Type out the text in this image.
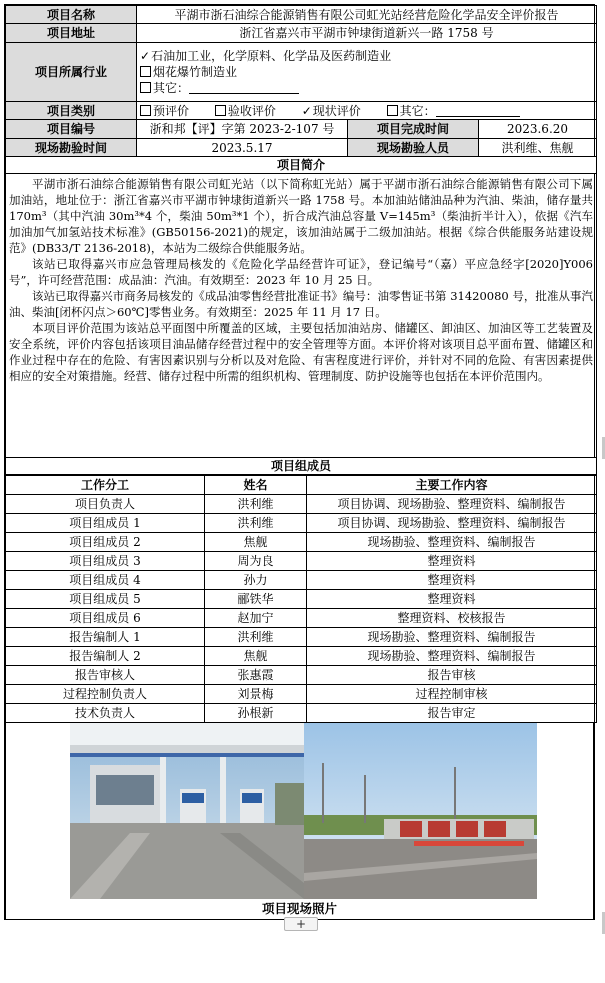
项目名称	平湖市浙石油综合能源销售有限公司虹光站经营危险化学品安全评价报告		
项目地址	浙江省嘉兴市平湖市钟埭街道新兴一路 1758 号		
项目所属行业	✓石油加工业，化学原料、化学品及医药制造业
烟花爆竹制造业
其它：		

项目类别	预评价 验收评价 ✓现状评价 其它：		
项目编号	浙和邦【评】字第 2023-2-107 号	项目完成时间	2023.6.20
现场勘验时间	2023.5.17	现场勘验人员	洪利维、焦舰
项目简介			

平湖市浙石油综合能源销售有限公司虹光站（以下简称虹光站）属于平湖市浙石油综合能源销售有限公司下属加油站，地址位于：浙江省嘉兴市平湖市钟埭街道新兴一路 1758 号。本加油站储油品种为汽油、柴油，储存量共 170m³（其中汽油 30m³*4 个，柴油 50m³*1 个），折合成汽油总容量 V=145m³（柴油折半计入），依据《汽车加油加气加氢站技术标准》(GB50156-2021)的规定，该加油站属于二级加油站。根据《综合供能服务站建设规范》(DB33/T 2136-2018)，本站为二级综合供能服务站。

该站已取得嘉兴市应急管理局核发的《危险化学品经营许可证》，登记编号“（嘉）平应急经字[2020]Y006 号”，许可经营范围：成品油：汽油。有效期至：2023 年 10 月 25 日。

该站已取得嘉兴市商务局核发的《成品油零售经营批准证书》编号：油零售证书第 31420080 号，批准从事汽油、柴油[闭杯闪点＞60℃]零售业务。有效期至：2025 年 11 月 17 日。

本项目评价范围为该站总平面图中所覆盖的区域，主要包括加油站房、储罐区、卸油区、加油区等工艺装置及安全系统，评价内容包括该项目油品储存经营过程中的安全管理等方面。本评价将对该项目总平面布置、储罐区和作业过程中存在的危险、有害因素识别与分析以及对危险、有害程度进行评价，并针对不同的危险、有害因素提供相应的安全对策措施。经营、储存过程中所需的组织机构、管理制度、防护设施等也包括在本评价范围内。			

项目组成员			
工作分工	姓名	主要工作内容
项目负责人	洪利维	项目协调、现场勘验、整理资料、编制报告
项目组成员 1	洪利维	项目协调、现场勘验、整理资料、编制报告
项目组成员 2	焦舰	现场勘验、整理资料、编制报告
项目组成员 3	周为良	整理资料
项目组成员 4	孙力	整理资料
项目组成员 5	郦铁华	整理资料
项目组成员 6	赵加宁	整理资料、校核报告
报告编制人 1	洪利维	现场勘验、整理资料、编制报告
报告编制人 2	焦舰	现场勘验、整理资料、编制报告
报告审核人	张惠霞	报告审核
过程控制负责人	刘景梅	过程控制审核
技术负责人	孙根新	报告审定
项目现场照片
+
